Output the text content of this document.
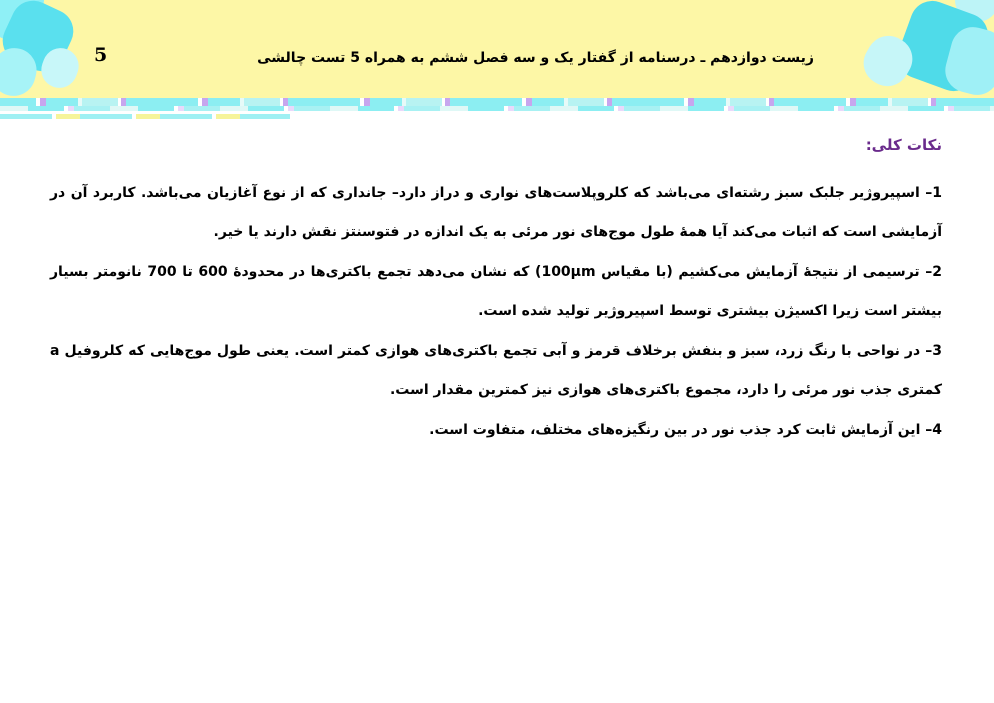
5	زیست دوازدهم ـ درسنامه از گفتار یک و سه فصل ششم به همراه 5 تست چالشی
نکات کلی:
1– اسپیروژیر جلبک سبز رشته‌ای می‌باشد که کلروپلاست‌های نواری و دراز دارد– جانداری که از نوع آغازیان می‌باشد. کاربرد آن در آزمایشی است که اثبات می‌کند آیا همهٔ طول موج‌های نور مرئی به یک اندازه در فتوسنتز نقش دارند یا خیر.
2– ترسیمی از نتیجهٔ آزمایش می‌کشیم (با مقیاس 100μm) که نشان می‌دهد تجمع باکتری‌ها در محدودهٔ 600 تا 700 نانومتر بسیار بیشتر است زیرا اکسیژن بیشتری توسط اسپیروژیر تولید شده است.
3– در نواحی با رنگ زرد، سبز و بنفش برخلاف قرمز و آبی تجمع باکتری‌های هوازی کمتر است. یعنی طول موج‌هایی که کلروفیل a کمتری جذب نور مرئی را دارد، مجموع باکتری‌های هوازی نیز کمترین مقدار است.
4– این آزمایش ثابت کرد جذب نور در بین رنگیزه‌های مختلف، متفاوت است.
